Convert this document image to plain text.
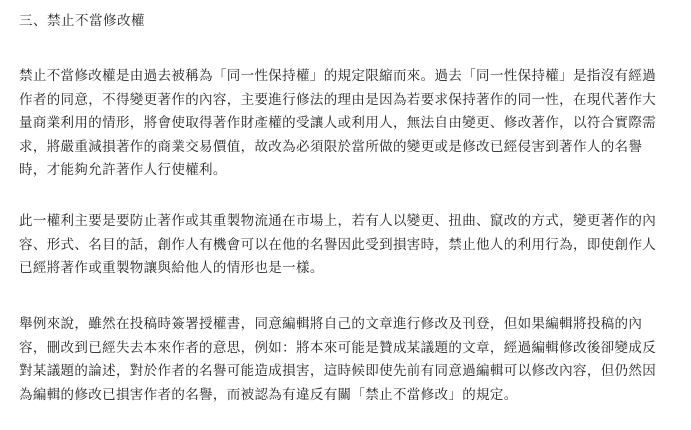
三、禁止不當修改權
禁止不當修改權是由過去被稱為「同一性保持權」的規定限縮而來。過去「同一性保持權」是指沒有經過
作者的同意，不得變更著作的內容，主要進行修法的理由是因為若要求保持著作的同一性，在現代著作大
量商業利用的情形，將會使取得著作財產權的受讓人或利用人，無法自由變更、修改著作，以符合實際需
求，將嚴重減損著作的商業交易價值，故改為必須限於當所做的變更或是修改已經侵害到著作人的名譽
時，才能夠允許著作人行使權利。
此一權利主要是要防止著作或其重製物流通在市場上，若有人以變更、扭曲、竄改的方式，變更著作的內
容、形式、名目的話，創作人有機會可以在他的名譽因此受到損害時，禁止他人的利用行為，即使創作人
已經將著作或重製物讓與給他人的情形也是一樣。
舉例來說，雖然在投稿時簽署授權書，同意編輯將自己的文章進行修改及刊登，但如果編輯將投稿的內
容，刪改到已經失去本來作者的意思，例如：將本來可能是贊成某議題的文章，經過編輯修改後卻變成反
對某議題的論述，對於作者的名譽可能造成損害，這時候即使先前有同意過編輯可以修改內容，但仍然因
為編輯的修改已損害作者的名譽，而被認為有違反有關「禁止不當修改」的規定。
